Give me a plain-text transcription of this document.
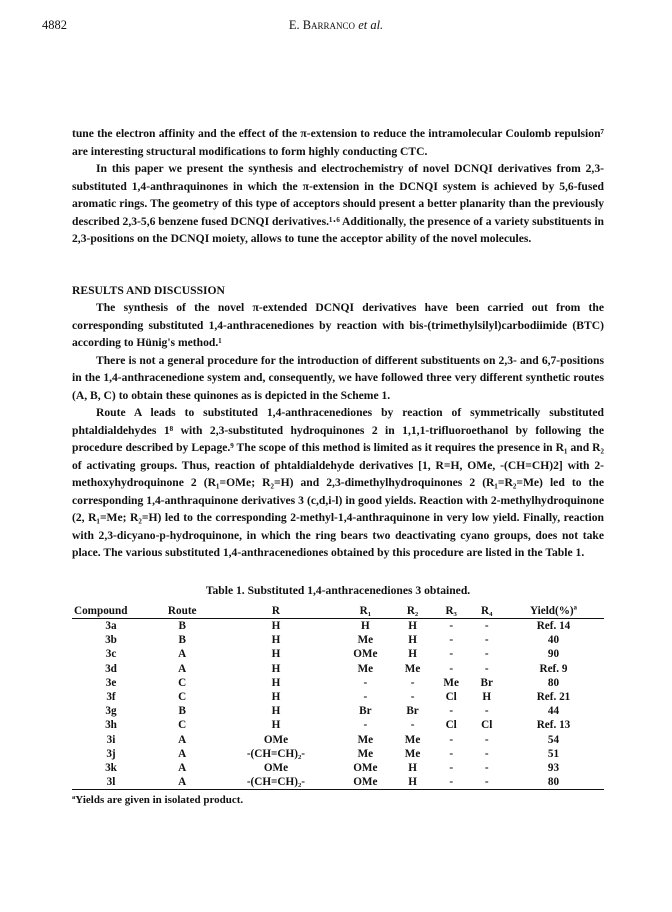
4882	E. Barranco et al.

tune the electron affinity and the effect of the π-extension to reduce the intramolecular Coulomb repulsion⁷ are interesting structural modifications to form highly conducting CTC.

In this paper we present the synthesis and electrochemistry of novel DCNQI derivatives from 2,3-substituted 1,4-anthraquinones in which the π-extension in the DCNQI system is achieved by 5,6-fused aromatic rings. The geometry of this type of acceptors should present a better planarity than the previously described 2,3-5,6 benzene fused DCNQI derivatives.¹·⁶ Additionally, the presence of a variety substituents in 2,3-positions on the DCNQI moiety, allows to tune the acceptor ability of the novel molecules.

RESULTS AND DISCUSSION

The synthesis of the novel π-extended DCNQI derivatives have been carried out from the corresponding substituted 1,4-anthracenediones by reaction with bis-(trimethylsilyl)carbodiimide (BTC) according to Hünig's method.¹

There is not a general procedure for the introduction of different substituents on 2,3- and 6,7-positions in the 1,4-anthracenedione system and, consequently, we have followed three very different synthetic routes (A, B, C) to obtain these quinones as is depicted in the Scheme 1.

Route A leads to substituted 1,4-anthracenediones by reaction of symmetrically substituted phtaldialdehydes 1⁸ with 2,3-substituted hydroquinones 2 in 1,1,1-trifluoroethanol by following the procedure described by Lepage.⁹ The scope of this method is limited as it requires the presence in R₁ and R₂ of activating groups. Thus, reaction of phtaldialdehyde derivatives [1, R=H, OMe, -(CH=CH)2] with 2-methoxyhydroquinone 2 (R₁=OMe; R₂=H) and 2,3-dimethylhydroquinones 2 (R₁=R₂=Me) led to the corresponding 1,4-anthraquinone derivatives 3 (c,d,i-l) in good yields. Reaction with 2-methylhydroquinone (2, R₁=Me; R₂=H) led to the corresponding 2-methyl-1,4-anthraquinone in very low yield. Finally, reaction with 2,3-dicyano-p-hydroquinone, in which the ring bears two deactivating cyano groups, does not take place. The various substituted 1,4-anthracenediones obtained by this procedure are listed in the Table 1.

Table 1. Substituted 1,4-anthracenediones 3 obtained.
Compound	Route	R	R₁	R₂	R₃	R₄	Yield(%)ª
3a	B	H	H	H	-	-	Ref. 14
3b	B	H	Me	H	-	-	40
3c	A	H	OMe	H	-	-	90
3d	A	H	Me	Me	-	-	Ref. 9
3e	C	H	-	-	Me	Br	80
3f	C	H	-	-	Cl	H	Ref. 21
3g	B	H	Br	Br	-	-	44
3h	C	H	-	-	Cl	Cl	Ref. 13
3i	A	OMe	Me	Me	-	-	54
3j	A	-(CH=CH)₂-	Me	Me	-	-	51
3k	A	OMe	OMe	H	-	-	93
3l	A	-(CH=CH)₂-	OMe	H	-	-	80
ªYields are given in isolated product.
